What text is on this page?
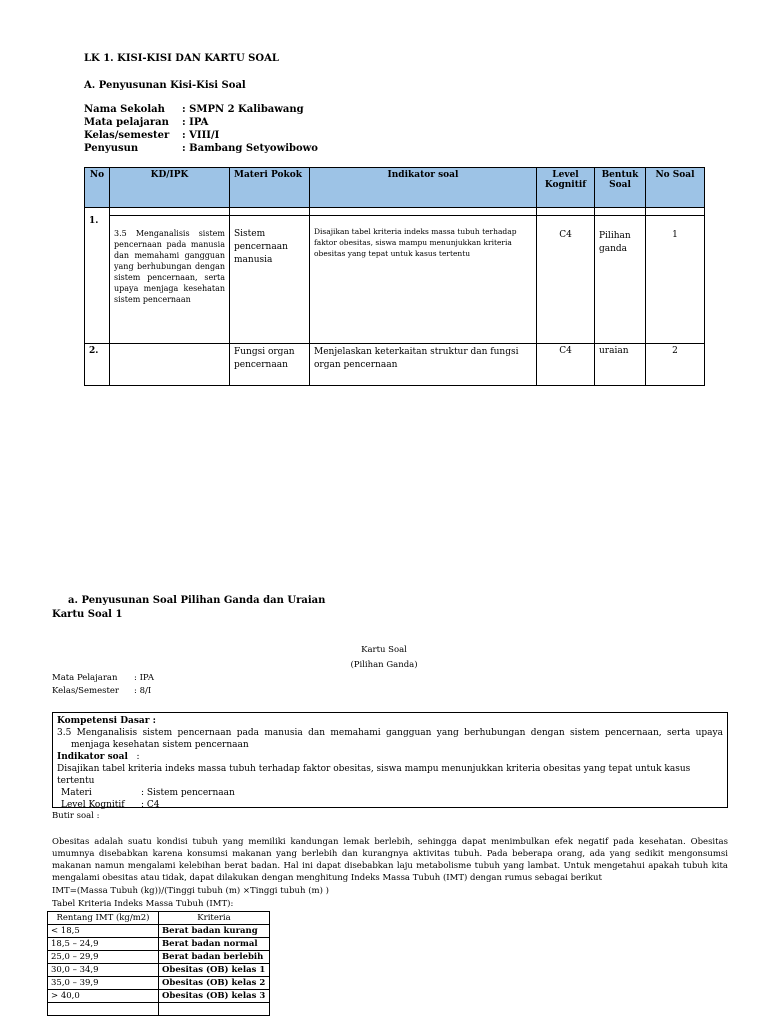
LK 1. KISI-KISI DAN KARTU SOAL
A. Penyusunan Kisi-Kisi Soal
Nama Sekolah : SMPN 2 Kalibawang
Mata pelajaran : IPA
Kelas/semester : VIII/I
Penyusun	: Bambang Setyowibowo
No	KD/IPK	Materi Pokok	Indikator soal	Level Kognitif	Bentuk Soal	No Soal

1.	3.5 Menganalisis sistem pencernaan pada manusia dan memahami gangguan yang berhubungan dengan sistem pencernaan, serta upaya menjaga kesehatan sistem pencernaan	Sistem pencernaan manusia	Disajikan tabel kriteria indeks massa tubuh terhadap faktor obesitas, siswa mampu menunjukkan kriteria obesitas yang tepat untuk kasus tertentu	C4	Pilihan ganda	1
2.		Fungsi organ pencernaan	Menjelaskan keterkaitan struktur dan fungsi organ pencernaan	C4	uraian	2
a. Penyusunan Soal Pilihan Ganda dan Uraian
Kartu Soal 1
Kartu Soal
(Pilihan Ganda)
Mata Pelajaran : IPA
Kelas/Semester : 8/I
Kompetensi Dasar :
3.5 Menganalisis sistem pencernaan pada manusia dan memahami gangguan yang berhubungan dengan sistem pencernaan, serta upaya menjaga kesehatan sistem pencernaan
Indikator soal :
Disajikan tabel kriteria indeks massa tubuh terhadap faktor obesitas, siswa mampu menunjukkan kriteria obesitas yang tepat untuk kasus tertentu
Materi	: Sistem pencernaan
Level Kognitif : C4
Butir soal :
Obesitas adalah suatu kondisi tubuh yang memiliki kandungan lemak berlebih, sehingga dapat menimbulkan efek negatif pada kesehatan. Obesitas umumnya disebabkan karena konsumsi makanan yang berlebih dan kurangnya aktivitas tubuh. Pada beberapa orang, ada yang sedikit mengonsumsi makanan namun mengalami kelebihan berat badan. Hal ini dapat disebabkan laju metabolisme tubuh yang lambat. Untuk mengetahui apakah tubuh kita mengalami obesitas atau tidak, dapat dilakukan dengan menghitung Indeks Massa Tubuh (IMT) dengan rumus sebagai berikut
IMT=(Massa Tubuh (kg))/(Tinggi tubuh (m) ×Tinggi tubuh (m) )
Tabel Kriteria Indeks Massa Tubuh (IMT):
Rentang IMT (kg/m2)	Kriteria
< 18,5	Berat badan kurang
18,5 – 24,9	Berat badan normal
25,0 – 29,9	Berat badan berlebih
30,0 – 34,9	Obesitas (OB) kelas 1
35,0 – 39,9	Obesitas (OB) kelas 2
> 40,0	Obesitas (OB) kelas 3
